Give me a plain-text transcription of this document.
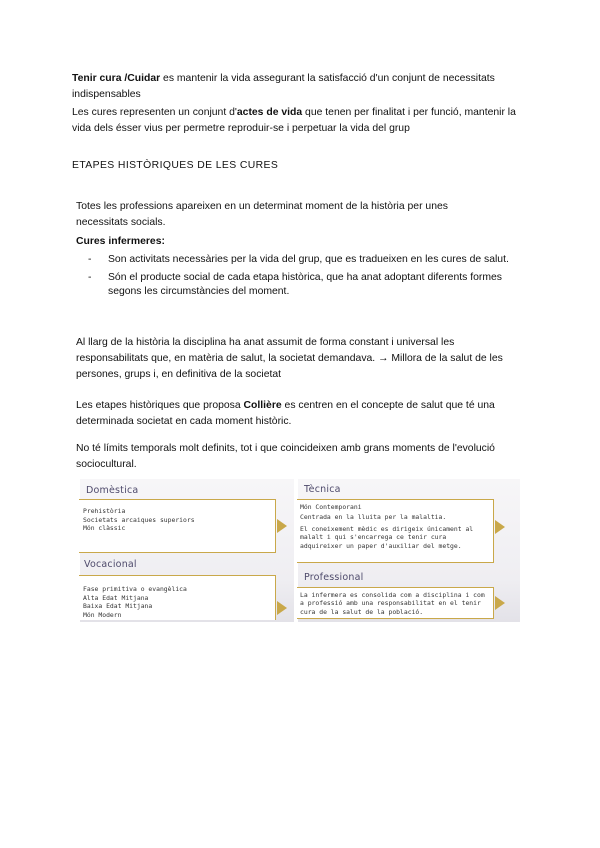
Tenir cura /Cuidar es mantenir la vida assegurant la satisfacció d'un conjunt de necessitats indispensables
Les cures representen un conjunt d'actes de vida que tenen per finalitat i per funció, mantenir la vida dels ésser vius per permetre reproduir-se i perpetuar la vida del grup
ETAPES HISTÒRIQUES DE LES CURES
Totes les professions apareixen en un determinat moment de la història per unes necessitats socials.
Cures infermeres:
-	Son activitats necessàries per la vida del grup, que es tradueixen en les cures de salut.
-	Són el producte social de cada etapa històrica, que ha anat adoptant diferents formes segons les circumstàncies del moment.
Al llarg de la història la disciplina ha anat assumit de forma constant i universal les responsabilitats que, en matèria de salut, la societat demandava. → Millora de la salut de les persones, grups i, en definitiva de la societat
Les etapes històriques que proposa Collière es centren en el concepte de salut que té una determinada societat en cada moment històric.
No té límits temporals molt definits, tot i que coincideixen amb grans moments de l'evolució sociocultural.
Domèstica
Prehistòria
Societats arcaiques superiors
Món clàssic
Vocacional
Fase primitiva o evangèlica
Alta Edat Mitjana
Baixa Edat Mitjana
Món Modern
Tècnica
Món Contemporani
Centrada en la lluita per la malaltia.
El coneixement mèdic es dirigeix únicament al malalt i qui s'encarrega ce tenir cura adquireixer un paper d'auxiliar del metge.
Professional
La infermera es consolida com a disciplina i com a professió amb una responsabilitat en el tenir cura de la salut de la població.
